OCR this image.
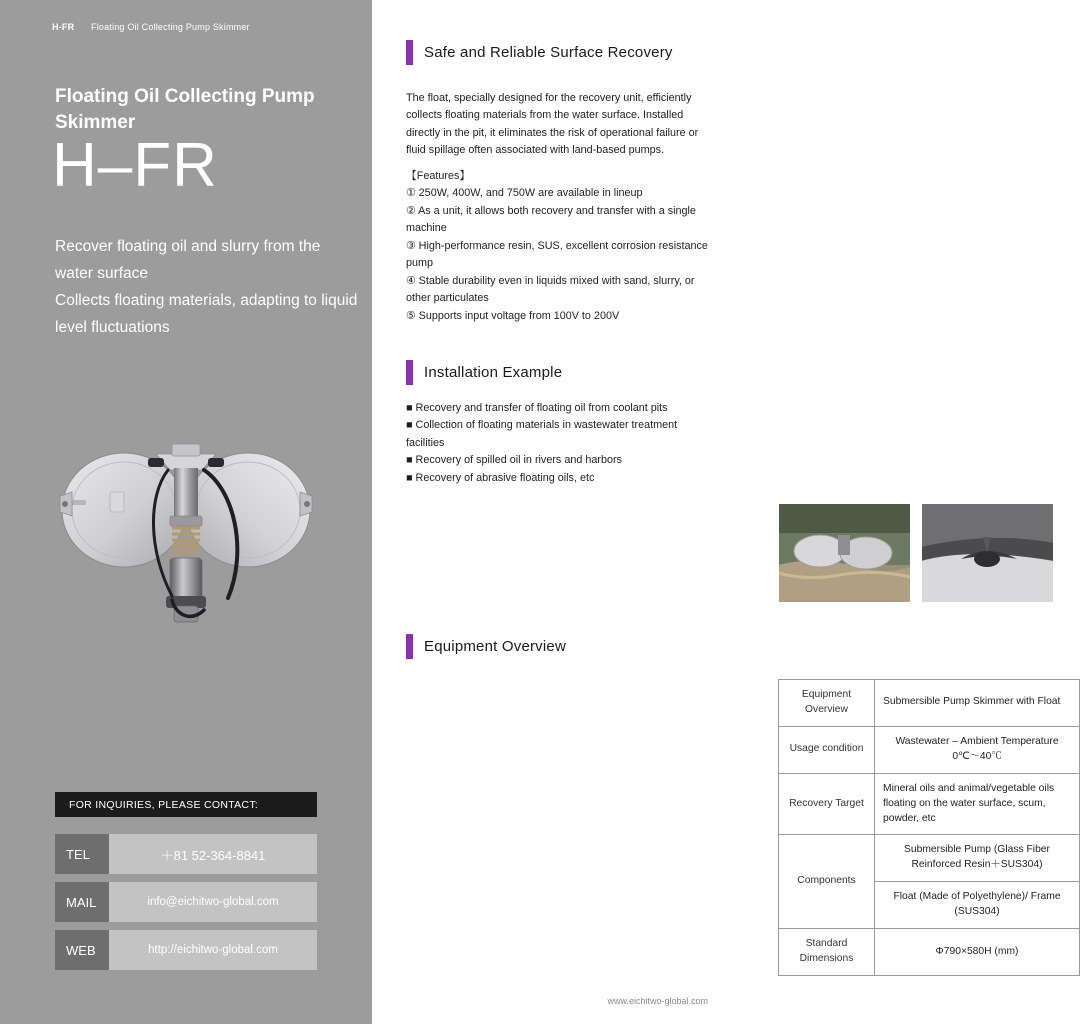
H-FR Floating Oil Collecting Pump Skimmer
Floating Oil Collecting Pump Skimmer
H–FR
Recover floating oil and slurry from the water surface
Collects floating materials, adapting to liquid level fluctuations
FOR INQUIRIES, PLEASE CONTACT:
TEL	＋81 52-364-8841
MAIL	info@eichitwo-global.com
WEB	http://eichitwo-global.com
Safe and Reliable Surface Recovery
The float, specially designed for the recovery unit, efficiently collects floating materials from the water surface. Installed directly in the pit, it eliminates the risk of operational failure or fluid spillage often associated with land-based pumps.

【Features】

① 250W, 400W, and 750W are available in lineup

② As a unit, it allows both recovery and transfer with a single machine

③ High-performance resin, SUS, excellent corrosion resistance pump

④ Stable durability even in liquids mixed with sand, slurry, or other particulates

⑤ Supports input voltage from 100V to 200V

Installation Example

■ Recovery and transfer of floating oil from coolant pits

■ Collection of floating materials in wastewater treatment facilities

■ Recovery of spilled oil in rivers and harbors

■ Recovery of abrasive floating oils, etc

Equipment Overview
Equipment Overview	Submersible Pump Skimmer with Float
Usage condition	Wastewater – Ambient Temperature
0℃〜40℃
Recovery Target	Mineral oils and animal/vegetable oils floating on the water surface, scum, powder, etc
Components	Submersible Pump (Glass Fiber Reinforced Resin＋SUS304)
	Float (Made of Polyethylene)/ Frame (SUS304)
Standard Dimensions	Φ790×580H (mm)
www.eichitwo-global.com
